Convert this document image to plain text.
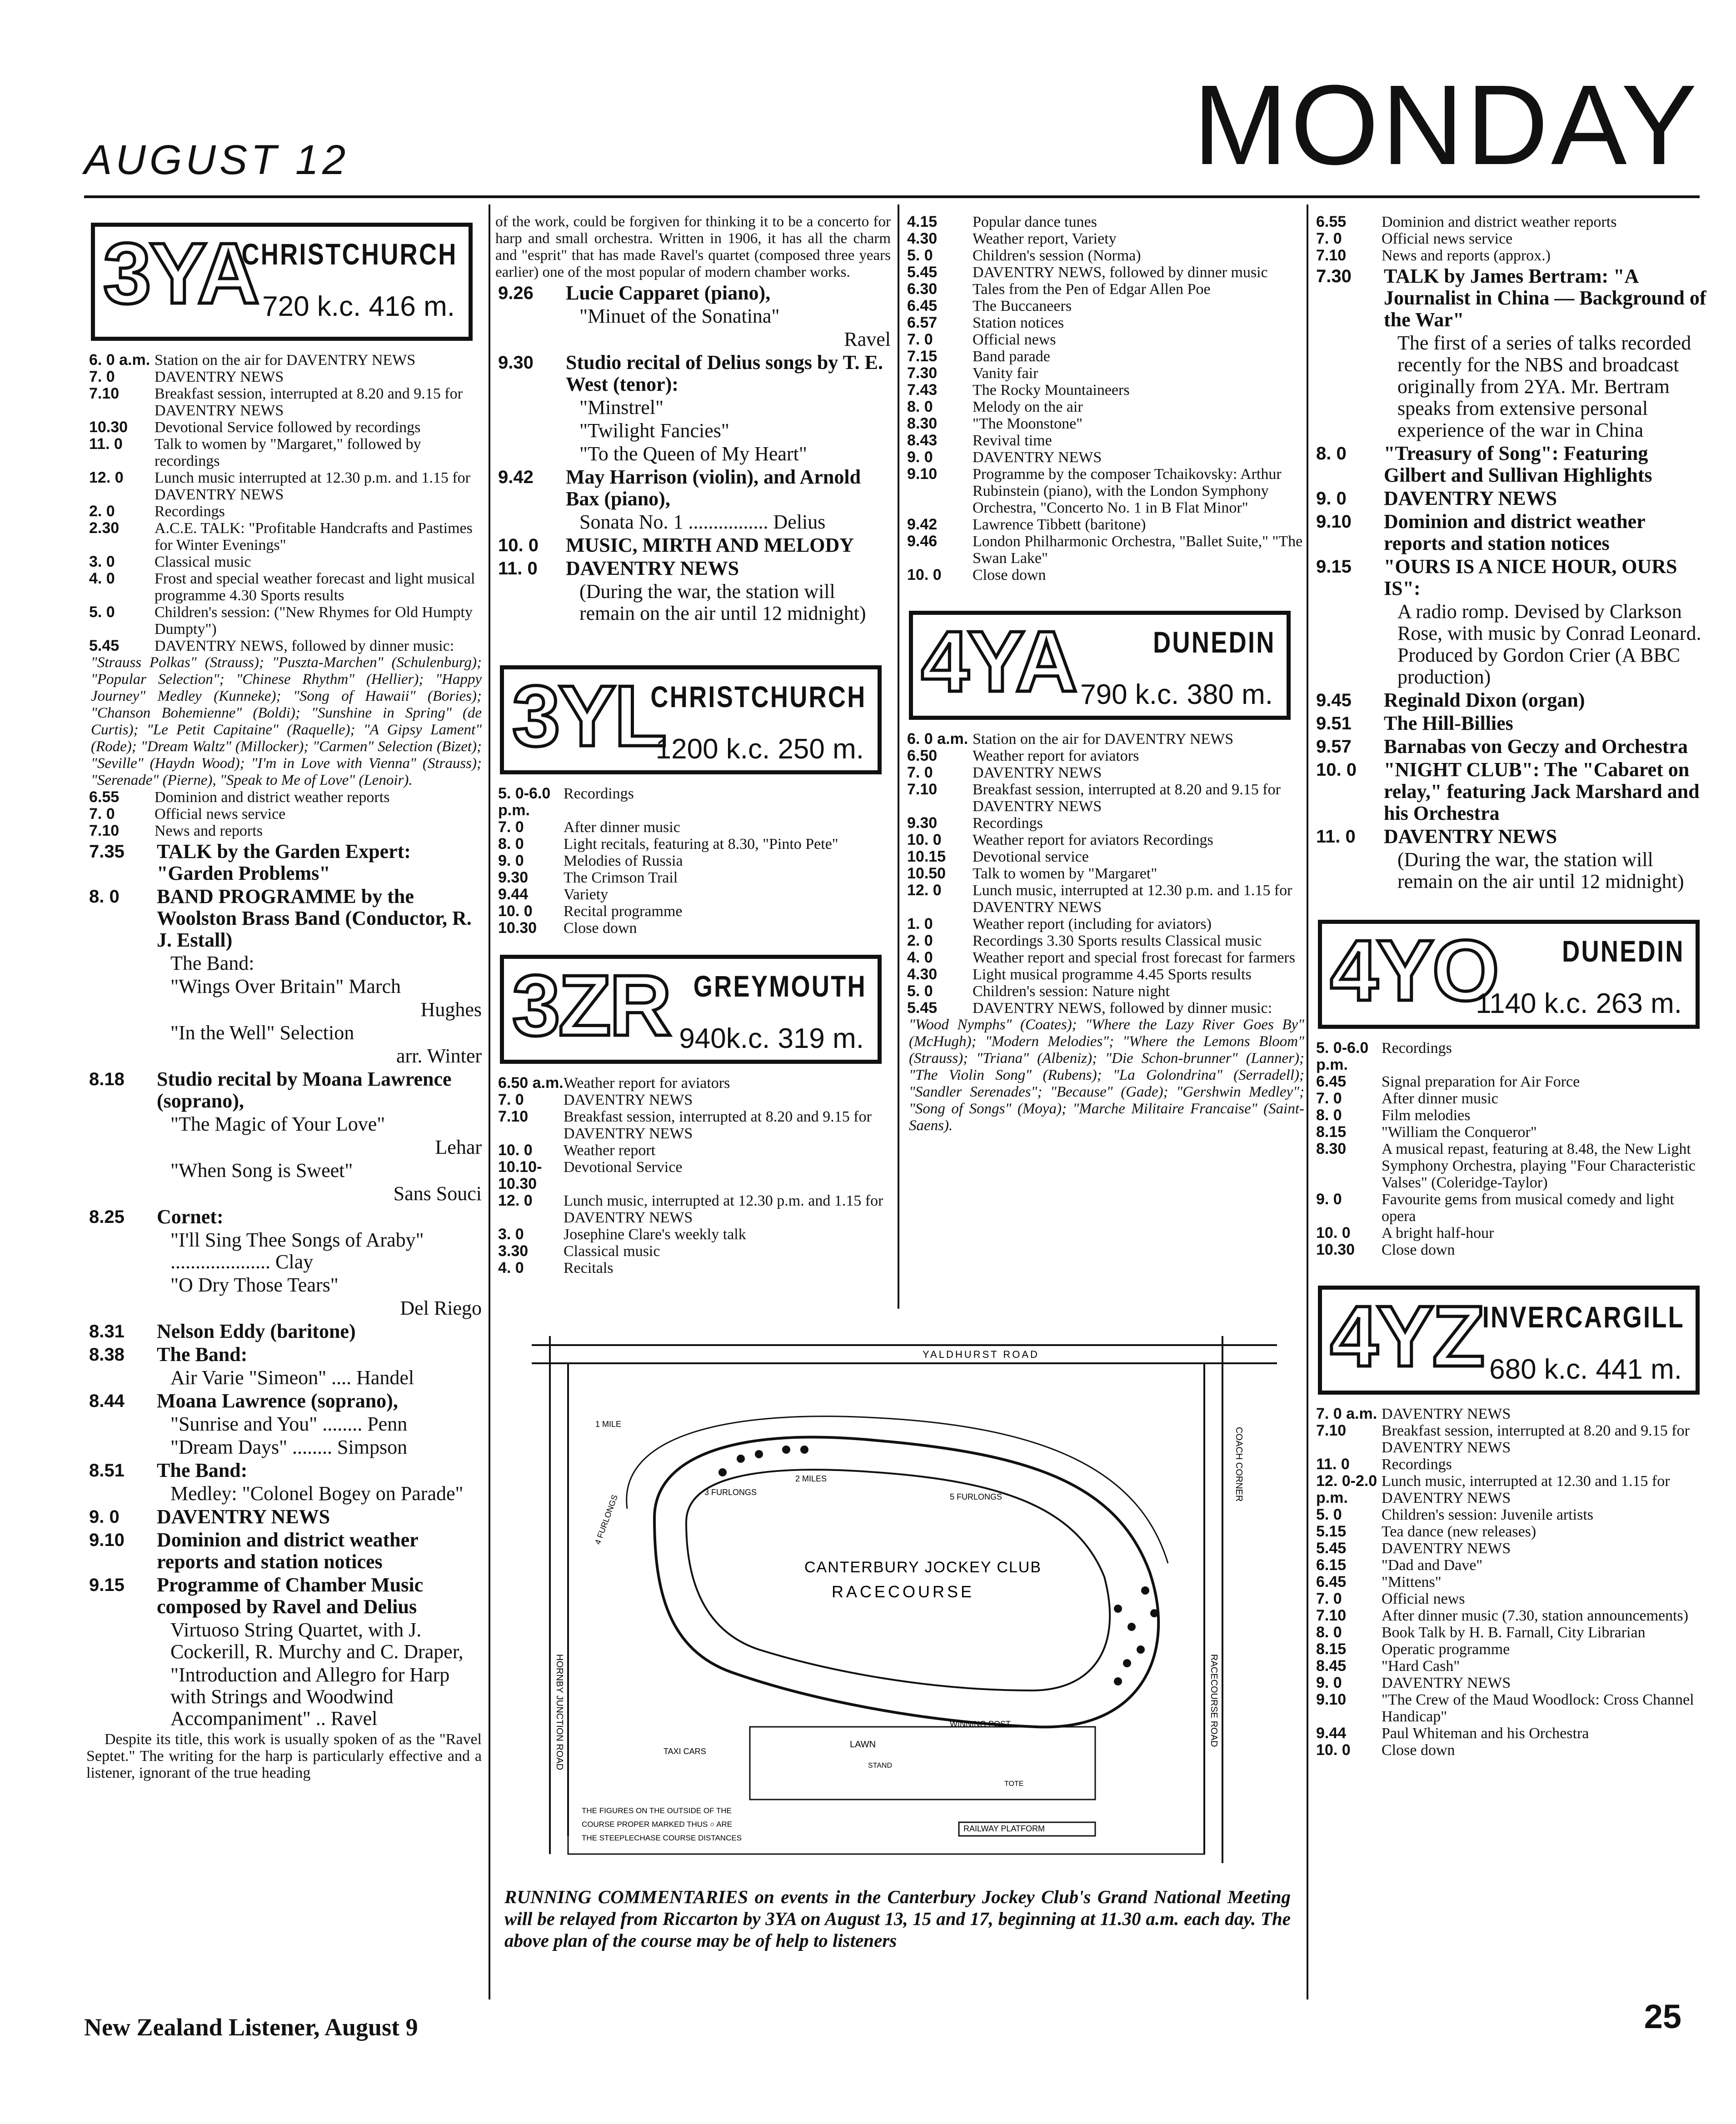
AUGUST 12	MONDAY
3YA
CHRISTCHURCH
720 k.c. 416 m.
6. 0 a.m. Station on the air for DAVENTRY NEWS
7. 0	DAVENTRY NEWS
7.10	Breakfast session, interrupted at 8.20 and 9.15 for DAVENTRY NEWS
10.30	Devotional Service followed by recordings
11. 0	Talk to women by "Margaret," followed by recordings
12. 0	Lunch music interrupted at 12.30 p.m. and 1.15 for DAVENTRY NEWS
2. 0	Recordings
2.30	A.C.E. TALK: "Profitable Handcrafts and Pastimes for Winter Evenings"
3. 0	Classical music
4. 0	Frost and special weather forecast and light musical programme 4.30 Sports results
5. 0	Children's session: ("New Rhymes for Old Humpty Dumpty")
5.45	DAVENTRY NEWS, followed by dinner music:
"Strauss Polkas" (Strauss); "Puszta-Marchen" (Schulenburg); "Popular Selection"; "Chinese Rhythm" (Hellier); "Happy Journey" Medley (Kunneke); "Song of Hawaii" (Bories); "Chanson Bohemienne" (Boldi); "Sunshine in Spring" (de Curtis); "Le Petit Capitaine" (Raquelle); "A Gipsy Lament" (Rode); "Dream Waltz" (Millocker); "Carmen" Selection (Bizet); "Seville" (Haydn Wood); "I'm in Love with Vienna" (Strauss); "Serenade" (Pierne), "Speak to Me of Love" (Lenoir).
6.55	Dominion and district weather reports
7. 0	Official news service
7.10	News and reports
7.35	TALK by the Garden Expert: "Garden Problems"
8. 0	BAND PROGRAMME by the Woolston Brass Band (Conductor, R. J. Estall)
The Band:
"Wings Over Britain" March
Hughes
"In the Well" Selection
arr. Winter
8.18	Studio recital by Moana Lawrence (soprano),
"The Magic of Your Love"
Lehar
"When Song is Sweet"
Sans Souci
8.25	Cornet:
"I'll Sing Thee Songs of Araby" .................... Clay
"O Dry Those Tears"
Del Riego
8.31	Nelson Eddy (baritone)
8.38	The Band:
Air Varie "Simeon" .... Handel
8.44	Moana Lawrence (soprano),
"Sunrise and You" ........ Penn
"Dream Days" ........ Simpson
8.51	The Band:
Medley: "Colonel Bogey on Parade"
9. 0	DAVENTRY NEWS
9.10	Dominion and district weather reports and station notices
9.15	Programme of Chamber Music composed by Ravel and Delius
Virtuoso String Quartet, with J. Cockerill, R. Murchy and C. Draper,
"Introduction and Allegro for Harp with Strings and Woodwind Accompaniment" .. Ravel
Despite its title, this work is usually spoken of as the "Ravel Septet." The writing for the harp is particularly effective and a listener, ignorant of the true heading
of the work, could be forgiven for thinking it to be a concerto for harp and small orchestra. Written in 1906, it has all the charm and "esprit" that has made Ravel's quartet (composed three years earlier) one of the most popular of modern chamber works.
9.26	Lucie Capparet (piano),
"Minuet of the Sonatina"
Ravel
9.30	Studio recital of Delius songs by T. E. West (tenor):
"Minstrel"
"Twilight Fancies"
"To the Queen of My Heart"
9.42	May Harrison (violin), and Arnold Bax (piano),
Sonata No. 1 ................ Delius
10. 0	MUSIC, MIRTH AND MELODY
11. 0	DAVENTRY NEWS
(During the war, the station will remain on the air until 12 midnight)
3YL
CHRISTCHURCH
1200 k.c. 250 m.
5. 0-6.0 p.m.
Recordings
7. 0	After dinner music
8. 0	Light recitals, featuring at 8.30, "Pinto Pete"
9. 0	Melodies of Russia
9.30	The Crimson Trail
9.44	Variety
10. 0	Recital programme
10.30	Close down
3ZR GREYMOUTH
940k.c. 319 m.
6.50 a.m. Weather report for aviators
7. 0	DAVENTRY NEWS
7.10	Breakfast session, interrupted at 8.20 and 9.15 for DAVENTRY NEWS
10. 0	Weather report
10.10-10.30
Devotional Service
12. 0	Lunch music, interrupted at 12.30 p.m. and 1.15 for DAVENTRY NEWS
3. 0	Josephine Clare's weekly talk
3.30	Classical music
4. 0	Recitals
4.15	Popular dance tunes
4.30	Weather report, Variety
5. 0	Children's session (Norma)
5.45	DAVENTRY NEWS, followed by dinner music
6.30	Tales from the Pen of Edgar Allen Poe
6.45	The Buccaneers
6.57	Station notices
7. 0	Official news
7.15	Band parade
7.30	Vanity fair
7.43	The Rocky Mountaineers
8. 0	Melody on the air
8.30	"The Moonstone"
8.43	Revival time
9. 0	DAVENTRY NEWS
9.10	Programme by the composer Tchaikovsky: Arthur Rubinstein (piano), with the London Symphony Orchestra, "Concerto No. 1 in B Flat Minor"
9.42	Lawrence Tibbett (baritone)
9.46	London Philharmonic Orchestra, "Ballet Suite," "The Swan Lake"
10. 0	Close down
4YA	DUNEDIN
790 k.c. 380 m.
6. 0 a.m. Station on the air for DAVENTRY NEWS
6.50	Weather report for aviators
7. 0	DAVENTRY NEWS
7.10	Breakfast session, interrupted at 8.20 and 9.15 for DAVENTRY NEWS
9.30	Recordings
10. 0	Weather report for aviators Recordings
10.15	Devotional service
10.50	Talk to women by "Margaret"
12. 0	Lunch music, interrupted at 12.30 p.m. and 1.15 for DAVENTRY NEWS
1. 0	Weather report (including for aviators)
2. 0	Recordings 3.30 Sports results Classical music
4. 0	Weather report and special frost forecast for farmers
4.30	Light musical programme 4.45 Sports results
5. 0	Children's session: Nature night
5.45	DAVENTRY NEWS, followed by dinner music:
"Wood Nymphs" (Coates); "Where the Lazy River Goes By" (McHugh); "Modern Melodies"; "Where the Lemons Bloom" (Strauss); "Triana" (Albeniz); "Die Schon-brunner" (Lanner); "The Violin Song" (Rubens); "La Golondrina" (Serradell); "Sandler Serenades"; "Because" (Gade); "Gershwin Medley"; "Song of Songs" (Moya); "Marche Militaire Francaise" (Saint-Saens).
6.55	Dominion and district weather reports
7. 0	Official news service
7.10	News and reports (approx.)
7.30	TALK by James Bertram: "A Journalist in China — Background of the War"
The first of a series of talks recorded recently for the NBS and broadcast originally from 2YA. Mr. Bertram speaks from extensive personal experience of the war in China
8. 0	"Treasury of Song": Featuring Gilbert and Sullivan Highlights
9. 0	DAVENTRY NEWS
9.10	Dominion and district weather reports and station notices
9.15	"OURS IS A NICE HOUR, OURS IS":
A radio romp. Devised by Clarkson Rose, with music by Conrad Leonard. Produced by Gordon Crier (A BBC production)
9.45	Reginald Dixon (organ)
9.51	The Hill-Billies
9.57	Barnabas von Geczy and Orchestra
10. 0	"NIGHT CLUB": The "Cabaret on relay," featuring Jack Marshard and his Orchestra
11. 0	DAVENTRY NEWS
(During the war, the station will remain on the air until 12 midnight)
4YO DUNEDIN
1140 k.c. 263 m.
5. 0-6.0 p.m.
Recordings
6.45	Signal preparation for Air Force
7. 0	After dinner music
8. 0	Film melodies
8.15	"William the Conqueror"
8.30	A musical repast, featuring at 8.48, the New Light Symphony Orchestra, playing "Four Characteristic Valses" (Coleridge-Taylor)
9. 0	Favourite gems from musical comedy and light opera
10. 0	A bright half-hour
10.30	Close down
4YZ
INVERCARGILL
680 k.c. 441 m.
7. 0 a.m. DAVENTRY NEWS
7.10	Breakfast session, interrupted at 8.20 and 9.15 for DAVENTRY NEWS
11. 0	Recordings
12. 0-2.0 p.m.
Lunch music, interrupted at 12.30 and 1.15 for DAVENTRY NEWS
5. 0	Children's session: Juvenile artists
5.15	Tea dance (new releases)
5.45	DAVENTRY NEWS
6.15	"Dad and Dave"
6.45	"Mittens"
7. 0	Official news
7.10	After dinner music (7.30, station announcements)
8. 0	Book Talk by H. B. Farnall, City Librarian
8.15	Operatic programme
8.45	"Hard Cash"
9. 0	DAVENTRY NEWS
9.10	"The Crew of the Maud Woodlock: Cross Channel Handicap"
9.44	Paul Whiteman and his Orchestra
10. 0	Close down
YALDHURST ROAD
COACH CORNER
HORNBY JUNCTION ROAD	RACECOURSE ROAD
CANTERBURY JOCKEY CLUB
RACECOURSE
3 FURLONGS
2 MILES
5 FURLONGS
1 MILE
4 FURLONGS
TAXI CARS
LAWN
STAND
WINNING POST
TOTE
RAILWAY PLATFORM
THE FIGURES ON THE OUTSIDE OF THE
COURSE PROPER MARKED THUS ○ ARE
THE STEEPLECHASE COURSE DISTANCES
RUNNING COMMENTARIES on events in the Canterbury Jockey Club's Grand National Meeting will be relayed from Riccarton by 3YA on August 13, 15 and 17, beginning at 11.30 a.m. each day. The above plan of the course may be of help to listeners
New Zealand Listener, August 9	25
